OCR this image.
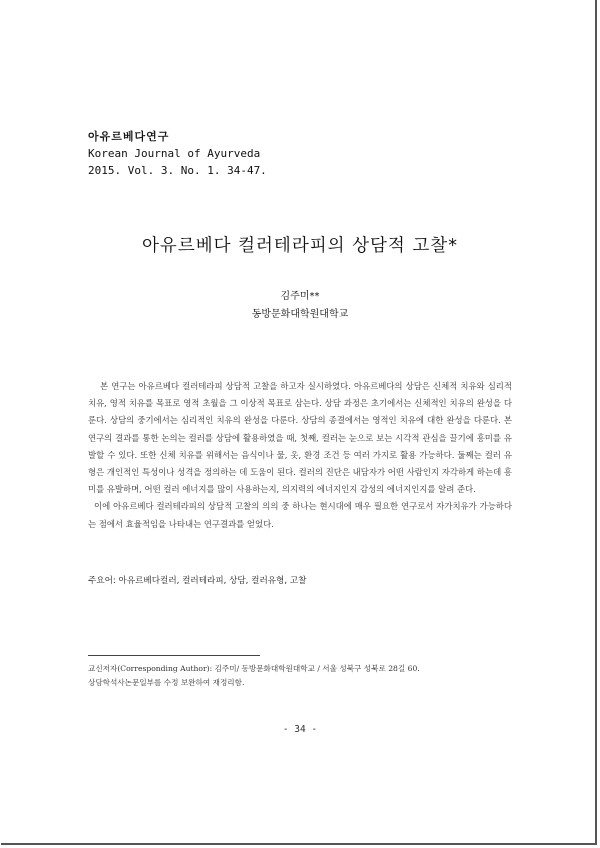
아유르베다연구
Korean Journal of Ayurveda
2015. Vol. 3. No. 1. 34-47.
아유르베다 컬러테라피의 상담적 고찰*
김주미**
동방문화대학원대학교

본 연구는 아유르베다 컬러테라피 상담적 고찰을 하고자 실시하였다. 아유르베다의 상담은 신체적 치유와 심리적 치유, 영적 치유를 목표로 영적 초월을 그 이상적 목표로 삼는다. 상담 과정은 초기에서는 신체적인 치유의 완성을 다룬다. 상담의 중기에서는 심리적인 치유의 완성을 다룬다. 상담의 종결에서는 영적인 치유에 대한 완성을 다룬다. 본 연구의 결과를 통한 논의는 컬러를 상담에 활용하였을 때, 첫째, 컬러는 눈으로 보는 시각적 관심을 끌기에 흥미를 유발할 수 있다. 또한 신체 치유를 위해서는 음식이나 물, 옷, 환경 조건 등 여러 가지로 활용 가능하다. 둘째는 컬러 유형은 개인적인 특성이나 성격을 정의하는 데 도움이 된다. 컬러의 진단은 내담자가 어떤 사람인지 자각하게 하는데 흥미를 유발하며, 어떤 컬러 에너지를 많이 사용하는지, 의지력의 에너지인지 감성의 에너지인지를 알려 준다.

이에 아유르베다 컬러테라피의 상담적 고찰의 의의 중 하나는 현시대에 매우 필요한 연구로서 자가치유가 가능하다는 점에서 효율적임을 나타내는 연구결과를 얻었다.

주요어: 아유르베다컬러, 컬러테라피, 상담, 컬러유형, 고찰
교신저자(Corresponding Author): 김주미/ 동방문화대학원대학교 / 서울 성북구 성북로 28길 60.
상담학석사논문일부를 수정 보완하여 재정리함.
- 34 -
